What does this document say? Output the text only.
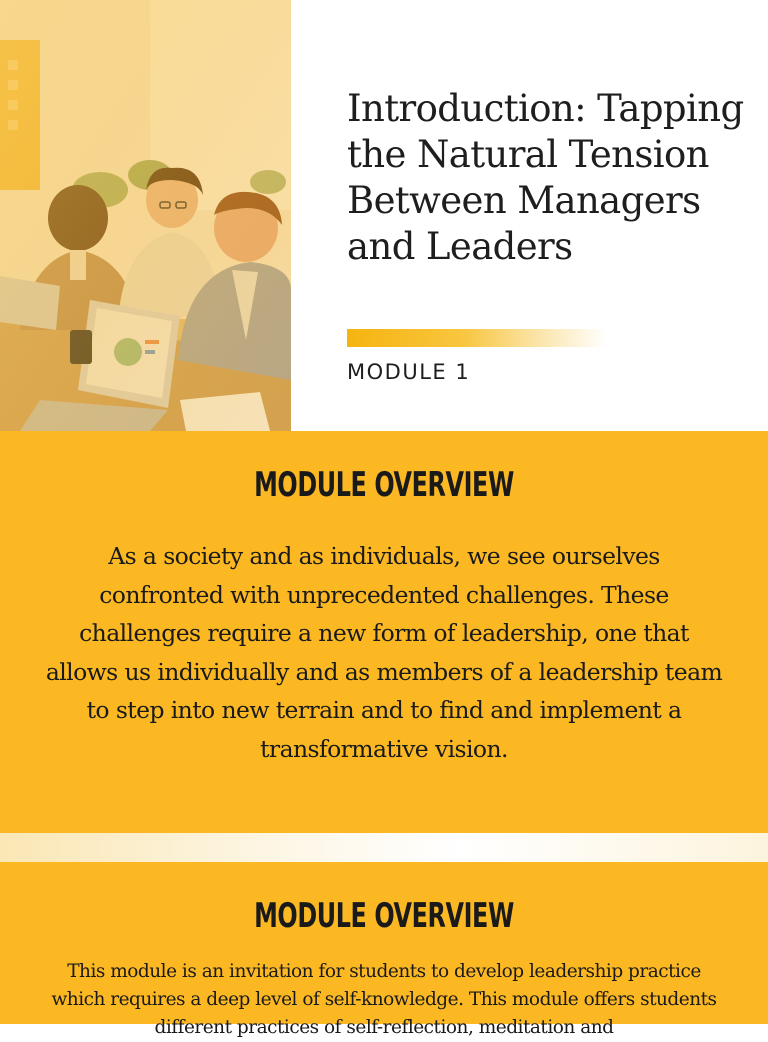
Introduction: Tapping the Natural Tension Between Managers and Leaders
MODULE 1
MODULE OVERVIEW

As a society and as individuals, we see ourselves confronted with unprecedented challenges. These challenges require a new form of leadership, one that allows us individually and as members of a leadership team to step into new terrain and to find and implement a transformative vision.

MODULE OVERVIEW

This module is an invitation for students to develop leadership practice which requires a deep level of self-knowledge. This module offers students different practices of self-reflection, meditation and
